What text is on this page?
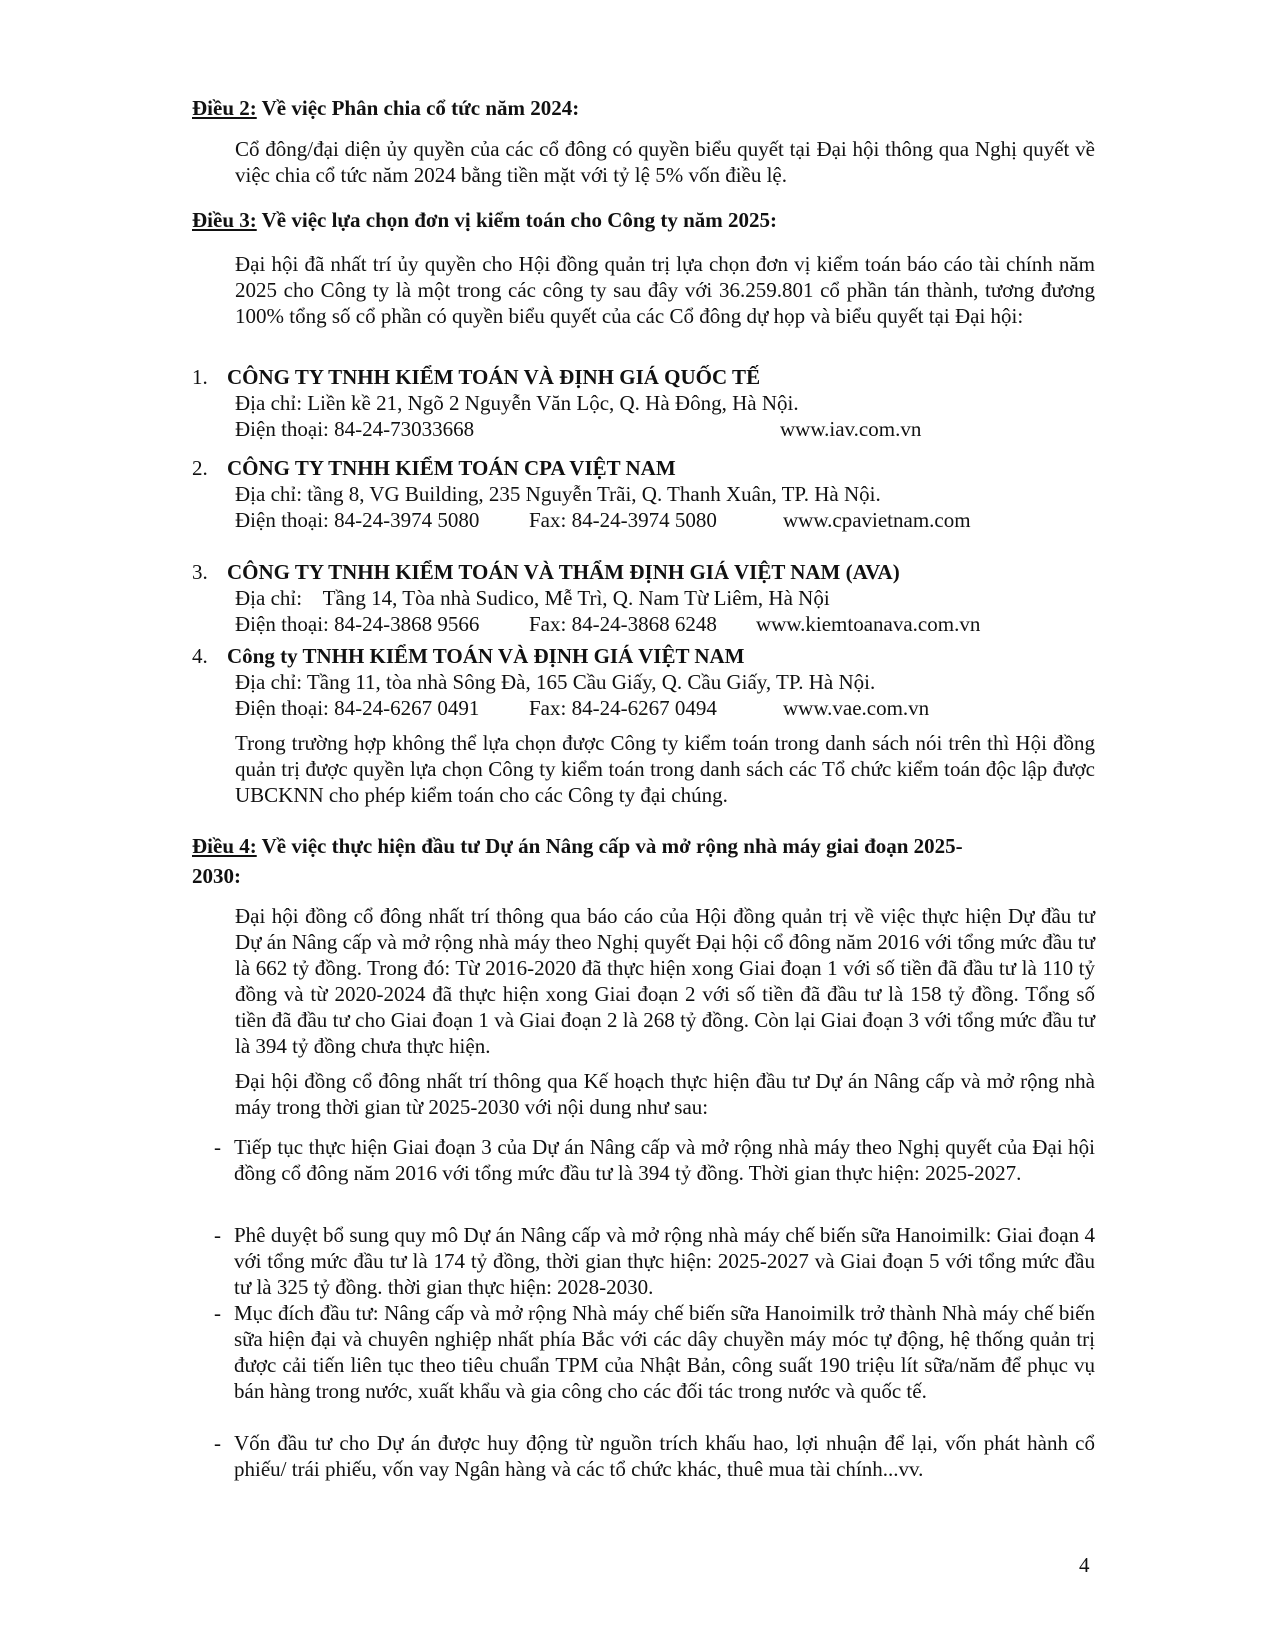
Điều 2: Về việc Phân chia cổ tức năm 2024:
Cổ đông/đại diện ủy quyền của các cổ đông có quyền biểu quyết tại Đại hội thông qua Nghị quyết về việc chia cổ tức năm 2024 bằng tiền mặt với tỷ lệ 5% vốn điều lệ.
Điều 3: Về việc lựa chọn đơn vị kiểm toán cho Công ty năm 2025:
Đại hội đã nhất trí ủy quyền cho Hội đồng quản trị lựa chọn đơn vị kiểm toán báo cáo tài chính năm 2025 cho Công ty là một trong các công ty sau đây với 36.259.801 cổ phần tán thành, tương đương 100% tổng số cổ phần có quyền biểu quyết của các Cổ đông dự họp và biểu quyết tại Đại hội:
1. CÔNG TY TNHH KIỂM TOÁN VÀ ĐỊNH GIÁ QUỐC TẾ
Địa chỉ: Liền kề 21, Ngõ 2 Nguyễn Văn Lộc, Q. Hà Đông, Hà Nội.
Điện thoại: 84-24-73033668	www.iav.com.vn
2. CÔNG TY TNHH KIỂM TOÁN CPA VIỆT NAM
Địa chỉ: tầng 8, VG Building, 235 Nguyễn Trãi, Q. Thanh Xuân, TP. Hà Nội.
Điện thoại: 84-24-3974 5080 Fax: 84-24-3974 5080	www.cpavietnam.com
3. CÔNG TY TNHH KIỂM TOÁN VÀ THẨM ĐỊNH GIÁ VIỆT NAM (AVA)
Địa chỉ:    Tầng 14, Tòa nhà Sudico, Mễ Trì, Q. Nam Từ Liêm, Hà Nội
Điện thoại: 84-24-3868 9566 Fax: 84-24-3868 6248 www.kiemtoanava.com.vn
4. Công ty TNHH KIỂM TOÁN VÀ ĐỊNH GIÁ VIỆT NAM
Địa chỉ: Tầng 11, tòa nhà Sông Đà, 165 Cầu Giấy, Q. Cầu Giấy, TP. Hà Nội.
Điện thoại: 84-24-6267 0491 Fax: 84-24-6267 0494	www.vae.com.vn
Trong trường hợp không thể lựa chọn được Công ty kiểm toán trong danh sách nói trên thì Hội đồng quản trị được quyền lựa chọn Công ty kiểm toán trong danh sách các Tổ chức kiểm toán độc lập được UBCKNN cho phép kiểm toán cho các Công ty đại chúng.
Điều 4: Về việc thực hiện đầu tư Dự án Nâng cấp và mở rộng nhà máy giai đoạn 2025-
2030:
Đại hội đồng cổ đông nhất trí thông qua báo cáo của Hội đồng quản trị về việc thực hiện Dự đầu tư Dự án Nâng cấp và mở rộng nhà máy theo Nghị quyết Đại hội cổ đông năm 2016 với tổng mức đầu tư là 662 tỷ đồng. Trong đó: Từ 2016-2020 đã thực hiện xong Giai đoạn 1 với số tiền đã đầu tư là 110 tỷ đồng và từ 2020-2024 đã thực hiện xong Giai đoạn 2 với số tiền đã đầu tư là 158 tỷ đồng. Tổng số tiền đã đầu tư cho Giai đoạn 1 và Giai đoạn 2 là 268 tỷ đồng. Còn lại Giai đoạn 3 với tổng mức đầu tư là 394 tỷ đồng chưa thực hiện.
Đại hội đồng cổ đông nhất trí thông qua Kế hoạch thực hiện đầu tư Dự án Nâng cấp và mở rộng nhà máy trong thời gian từ 2025-2030 với nội dung như sau:
- Tiếp tục thực hiện Giai đoạn 3 của Dự án Nâng cấp và mở rộng nhà máy theo Nghị quyết của Đại hội đồng cổ đông năm 2016 với tổng mức đầu tư là 394 tỷ đồng. Thời gian thực hiện: 2025-2027.
- Phê duyệt bổ sung quy mô Dự án Nâng cấp và mở rộng nhà máy chế biến sữa Hanoimilk: Giai đoạn 4 với tổng mức đầu tư là 174 tỷ đồng, thời gian thực hiện: 2025-2027 và Giai đoạn 5 với tổng mức đầu tư là 325 tỷ đồng. thời gian thực hiện: 2028-2030.
- Mục đích đầu tư: Nâng cấp và mở rộng Nhà máy chế biến sữa Hanoimilk trở thành Nhà máy chế biến sữa hiện đại và chuyên nghiệp nhất phía Bắc với các dây chuyền máy móc tự động, hệ thống quản trị được cải tiến liên tục theo tiêu chuẩn TPM của Nhật Bản, công suất 190 triệu lít sữa/năm để phục vụ bán hàng trong nước, xuất khẩu và gia công cho các đối tác trong nước và quốc tế.
- Vốn đầu tư cho Dự án được huy động từ nguồn trích khấu hao, lợi nhuận để lại, vốn phát hành cổ phiếu/ trái phiếu, vốn vay Ngân hàng và các tổ chức khác, thuê mua tài chính...vv.
4
